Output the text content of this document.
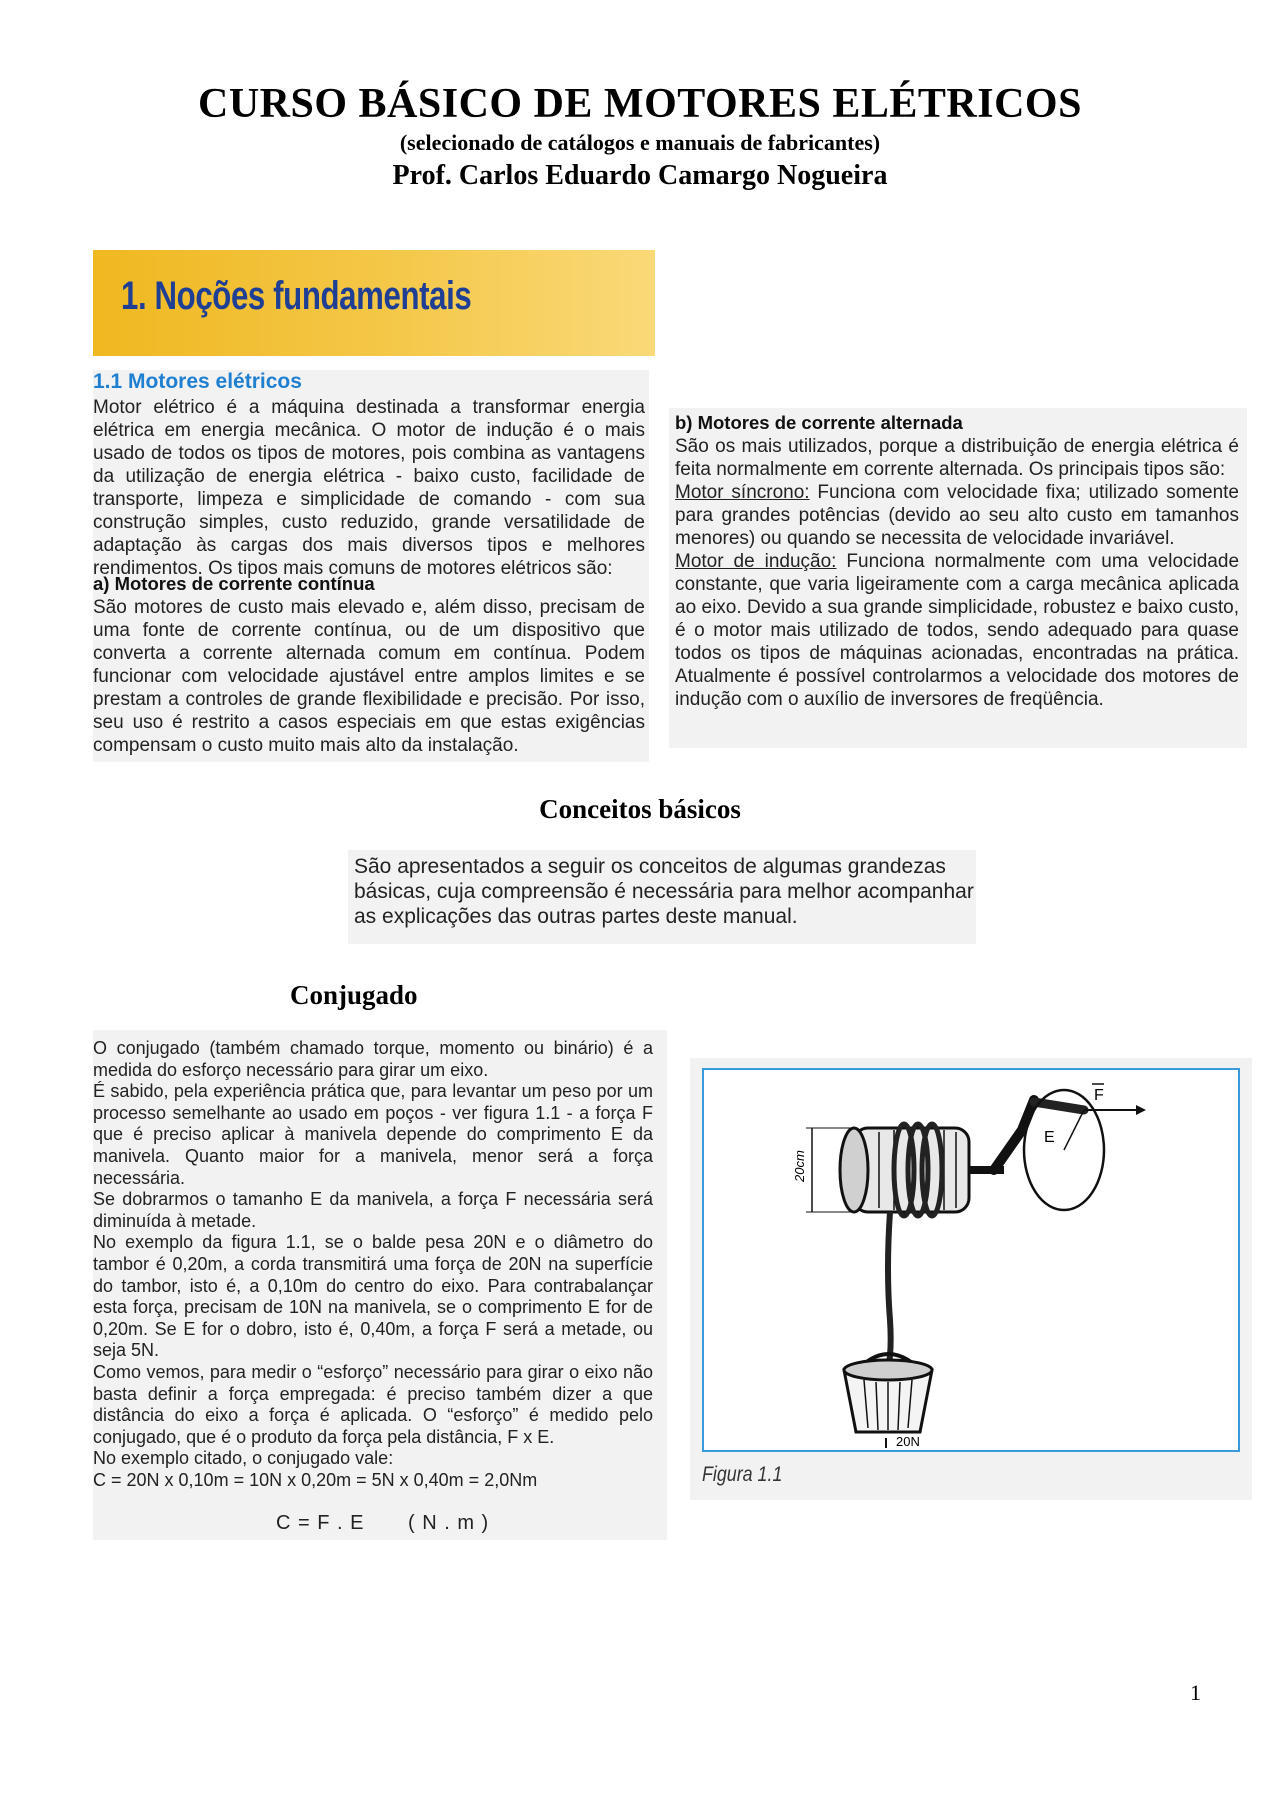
CURSO BÁSICO DE MOTORES ELÉTRICOS
(selecionado de catálogos e manuais de fabricantes)
Prof. Carlos Eduardo Camargo Nogueira
1. Noções fundamentais
1.1 Motores elétricos

Motor elétrico é a máquina destinada a transformar energia elétrica em energia mecânica. O motor de indução é o mais usado de todos os tipos de motores, pois combina as vantagens da utilização de energia elétrica - baixo custo, facilidade de transporte, limpeza e simplicidade de comando - com sua construção simples, custo reduzido, grande versatilidade de adaptação às cargas dos mais diversos tipos e melhores rendimentos. Os tipos mais comuns de motores elétricos são:

a) Motores de corrente contínua

São motores de custo mais elevado e, além disso, precisam de uma fonte de corrente contínua, ou de um dispositivo que converta a corrente alternada comum em contínua. Podem funcionar com velocidade ajustável entre amplos limites e se prestam a controles de grande flexibilidade e precisão. Por isso, seu uso é restrito a casos especiais em que estas exigências compensam o custo muito mais alto da instalação.

b) Motores de corrente alternada

São os mais utilizados, porque a distribuição de energia elétrica é feita normalmente em corrente alternada. Os principais tipos são:

Motor síncrono: Funciona com velocidade fixa; utilizado somente para grandes potências (devido ao seu alto custo em tamanhos menores) ou quando se necessita de velocidade invariável.

Motor de indução: Funciona normalmente com uma velocidade constante, que varia ligeiramente com a carga mecânica aplicada ao eixo. Devido a sua grande simplicidade, robustez e baixo custo, é o motor mais utilizado de todos, sendo adequado para quase todos os tipos de máquinas acionadas, encontradas na prática. Atualmente é possível controlarmos a velocidade dos motores de indução com o auxílio de inversores de freqüência.

Conceitos básicos
São apresentados a seguir os conceitos de algumas grandezas básicas, cuja compreensão é necessária para melhor acompanhar as explicações das outras partes deste manual.
Conjugado

O conjugado (também chamado torque, momento ou binário) é a medida do esforço necessário para girar um eixo.

É sabido, pela experiência prática que, para levantar um peso por um processo semelhante ao usado em poços - ver figura 1.1 - a força F que é preciso aplicar à manivela depende do comprimento E da manivela. Quanto maior for a manivela, menor será a força necessária.

Se dobrarmos o tamanho E da manivela, a força F necessária será diminuída à metade.

No exemplo da figura 1.1, se o balde pesa 20N e o diâmetro do tambor é 0,20m, a corda transmitirá uma força de 20N na superfície do tambor, isto é, a 0,10m do centro do eixo. Para contrabalançar esta força, precisam de 10N na manivela, se o comprimento E for de 0,20m. Se E for o dobro, isto é, 0,40m, a força F será a metade, ou seja 5N.

Como vemos, para medir o “esforço” necessário para girar o eixo não basta definir a força empregada: é preciso também dizer a que distância do eixo a força é aplicada. O “esforço” é medido pelo conjugado, que é o produto da força pela distância, F x E.

No exemplo citado, o conjugado vale:

C = 20N x 0,10m = 10N x 0,20m = 5N x 0,40m = 2,0Nm

C = F . E ( N . m )
20cm
20N
E
F
Figura 1.1
1
